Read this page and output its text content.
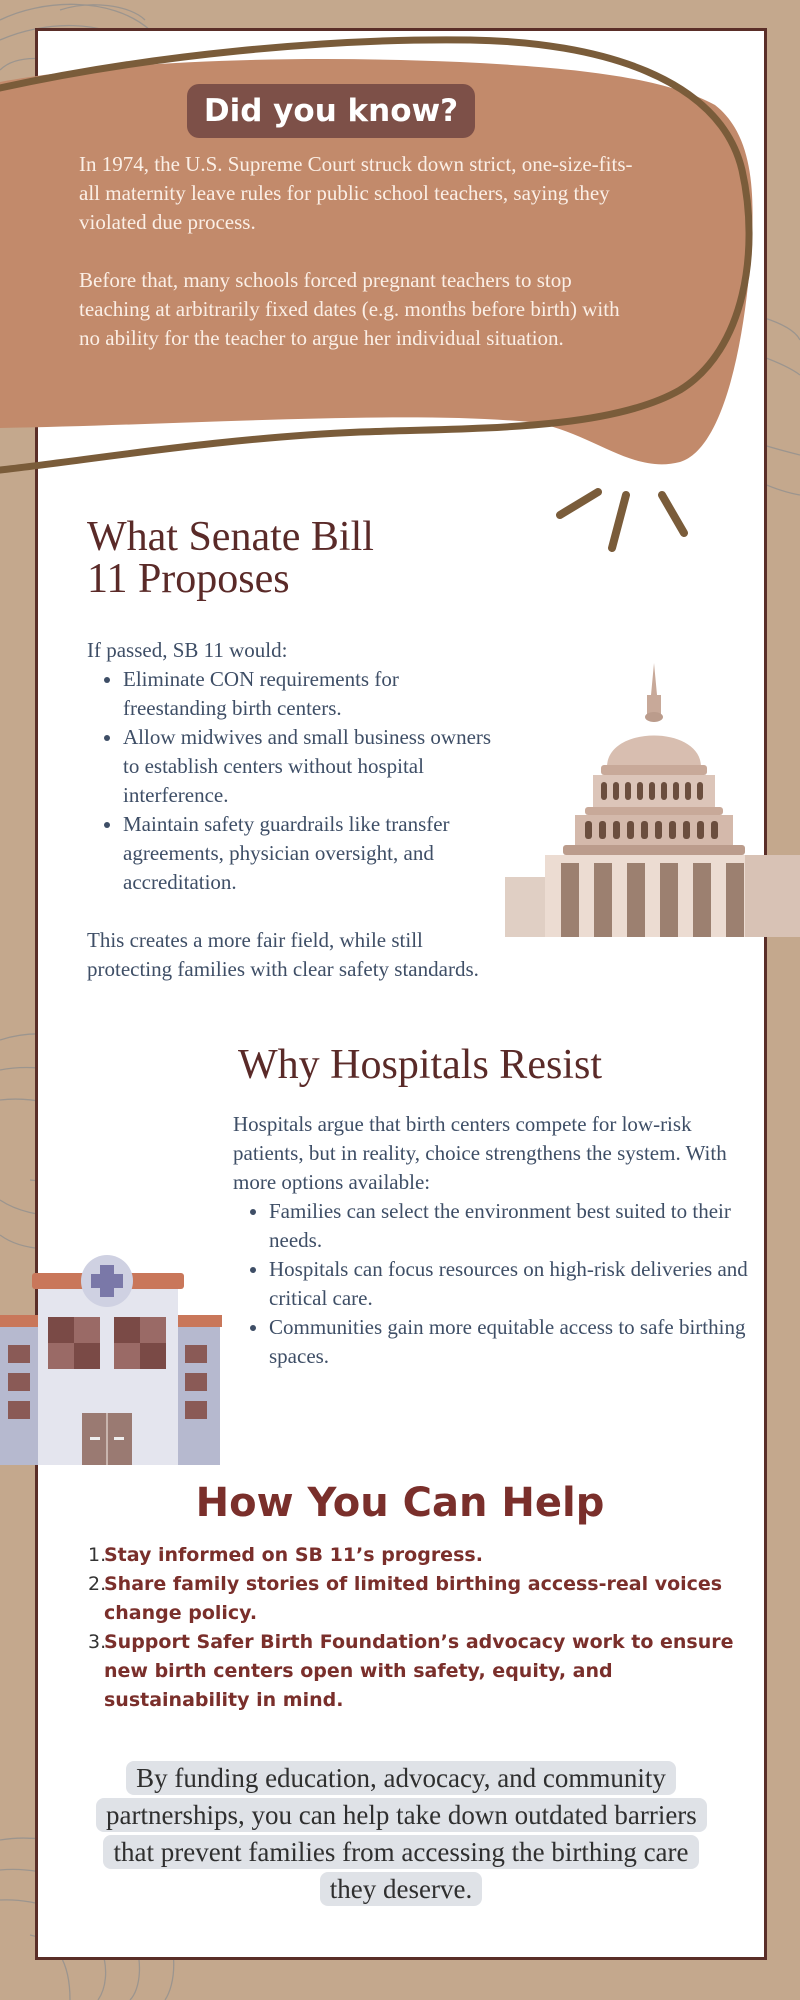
Did you know?

In 1974, the U.S. Supreme Court struck down strict, one-size-fits-all maternity leave rules for public school teachers, saying they violated due process.

Before that, many schools forced pregnant teachers to stop teaching at arbitrarily fixed dates (e.g. months before birth) with no ability for the teacher to argue her individual situation.

What Senate Bill
11 Proposes
If passed, SB 11 would:
• Eliminate CON requirements for freestanding birth centers.
• Allow midwives and small business owners to establish centers without hospital interference.
• Maintain safety guardrails like transfer agreements, physician oversight, and accreditation.

This creates a more fair field, while still protecting families with clear safety standards.

Why Hospitals Resist
Hospitals argue that birth centers compete for low-risk patients, but in reality, choice strengthens the system. With more options available:
• Families can select the environment best suited to their needs.
• Hospitals can focus resources on high-risk deliveries and critical care.
• Communities gain more equitable access to safe birthing spaces.
How You Can Help
1.
Stay informed on SB 11’s progress.
2.
Share family stories of limited birthing access-real voices change policy.
3.
Support Safer Birth Foundation’s advocacy work to ensure new birth centers open with safety, equity, and sustainability in mind.

By funding education, advocacy, and community partnerships, you can help take down outdated barriers that prevent families from accessing the birthing care they deserve.
